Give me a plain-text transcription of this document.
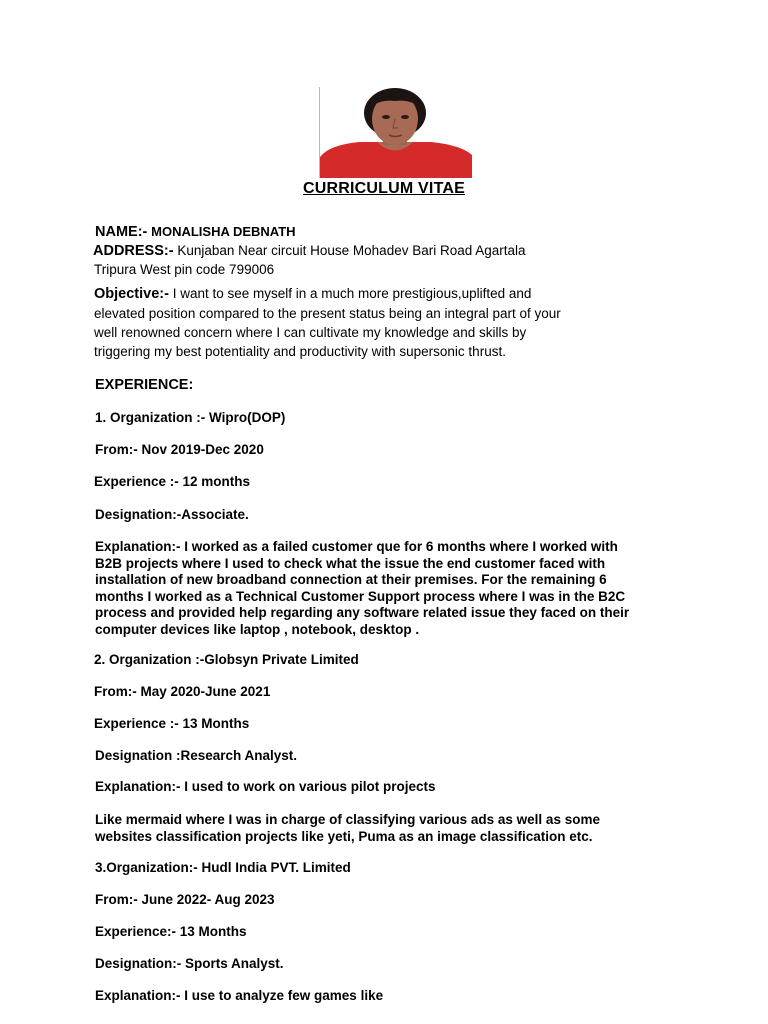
CURRICULUM VITAE
NAME:- MONALISHA DEBNATH
ADDRESS:- Kunjaban Near circuit House Mohadev Bari Road Agartala
Tripura West pin code 799006
Objective:- I want to see myself in a much more prestigious,uplifted and
elevated position compared to the present status being an integral part of your
well renowned concern where I can cultivate my knowledge and skills by
triggering my best potentiality and productivity with supersonic thrust.
EXPERIENCE:
1. Organization :- Wipro(DOP)
From:- Nov 2019-Dec 2020
Experience :- 12 months
Designation:-Associate.
Explanation:- I worked as a failed customer que for 6 months where I worked with
B2B projects where I used to check what the issue the end customer faced with
installation of new broadband connection at their premises. For the remaining 6
months I worked as a Technical Customer Support process where I was in the B2C
process and provided help regarding any software related issue they faced on their
computer devices like laptop , notebook, desktop .
2. Organization :-Globsyn Private Limited
From:- May 2020-June 2021
Experience :- 13 Months
Designation :Research Analyst.
Explanation:- I used to work on various pilot projects
Like mermaid where I was in charge of classifying various ads as well as some
websites classification projects like yeti, Puma as an image classification etc.
3.Organization:- Hudl India PVT. Limited
From:- June 2022- Aug 2023
Experience:- 13 Months
Designation:- Sports Analyst.
Explanation:- I use to analyze few games like
